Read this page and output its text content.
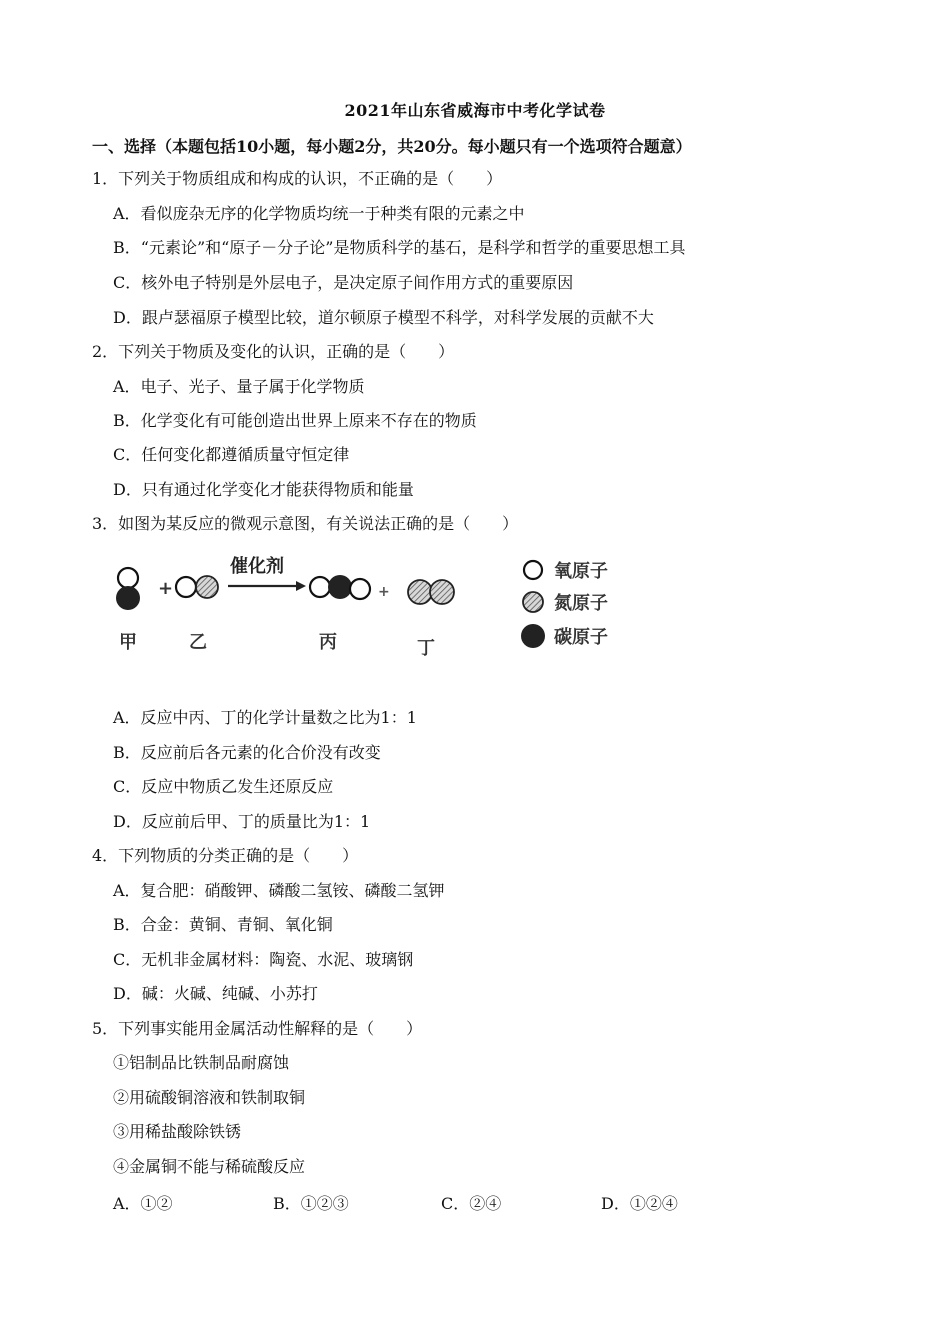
2021年山东省威海市中考化学试卷
一、选择（本题包括10小题，每小题2分，共20分。每小题只有一个选项符合题意）
1．下列关于物质组成和构成的认识，不正确的是（　　）
A．看似庞杂无序的化学物质均统一于种类有限的元素之中
B．“元素论”和“原子－分子论”是物质科学的基石，是科学和哲学的重要思想工具
C．核外电子特别是外层电子，是决定原子间作用方式的重要原因
D．跟卢瑟福原子模型比较，道尔顿原子模型不科学，对科学发展的贡献不大
2．下列关于物质及变化的认识，正确的是（　　）
A．电子、光子、量子属于化学物质
B．化学变化有可能创造出世界上原来不存在的物质
C．任何变化都遵循质量守恒定律
D．只有通过化学变化才能获得物质和能量
3．如图为某反应的微观示意图，有关说法正确的是（　　）
+
催化剂
+
甲	乙	丙	丁
氧原子
氮原子
碳原子
A．反应中丙、丁的化学计量数之比为1：1
B．反应前后各元素的化合价没有改变
C．反应中物质乙发生还原反应
D．反应前后甲、丁的质量比为1：1
4．下列物质的分类正确的是（　　）
A．复合肥：硝酸钾、磷酸二氢铵、磷酸二氢钾
B．合金：黄铜、青铜、氧化铜
C．无机非金属材料：陶瓷、水泥、玻璃钢
D．碱：火碱、纯碱、小苏打
5．下列事实能用金属活动性解释的是（　　）
①铝制品比铁制品耐腐蚀
②用硫酸铜溶液和铁制取铜
③用稀盐酸除铁锈
④金属铜不能与稀硫酸反应
A．①②	B．①②③	C．②④	D．①②④
